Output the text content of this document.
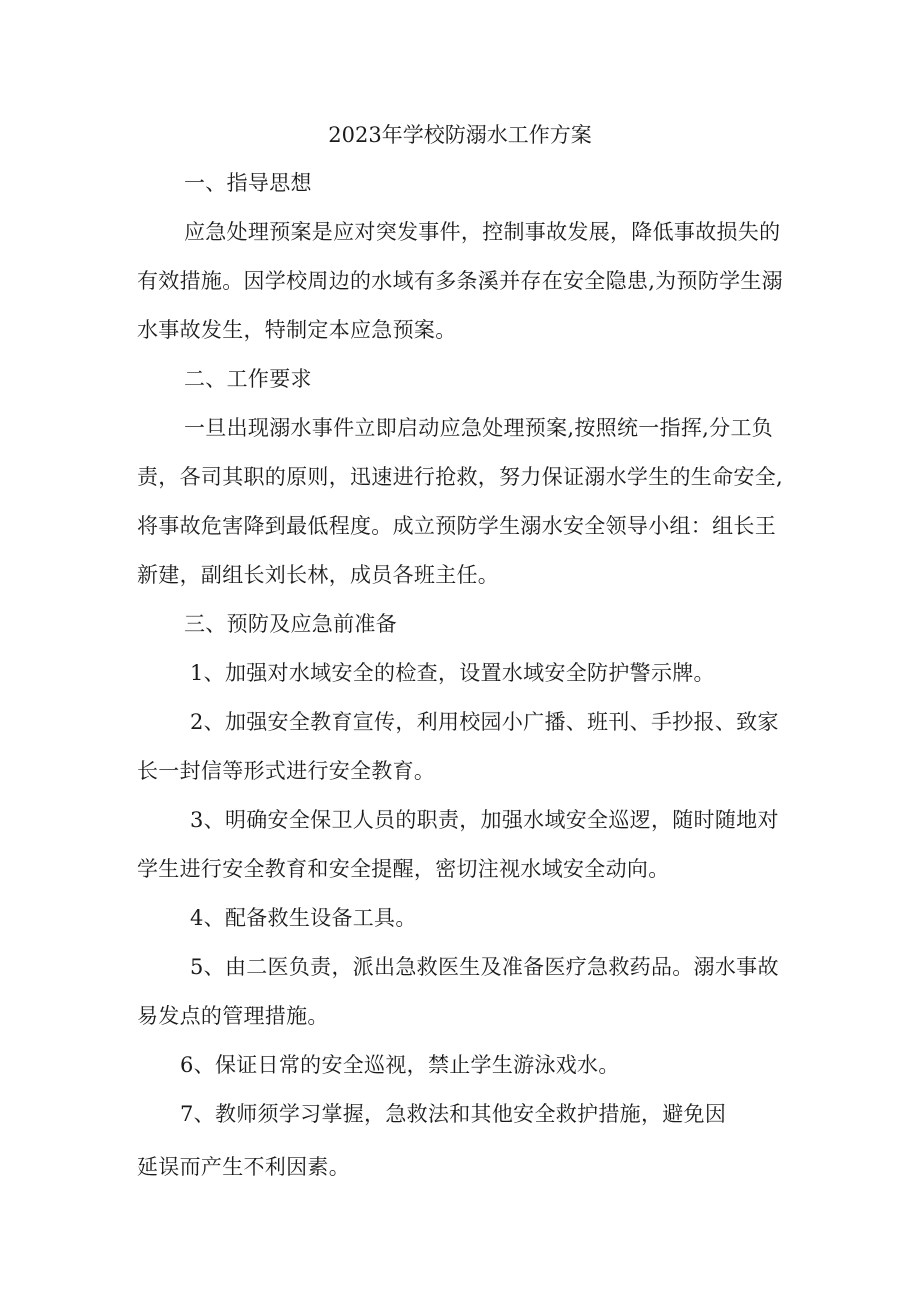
2023年学校防溺水工作方案
一、指导思想
应急处理预案是应对突发事件，控制事故发展，降低事故损失的
有效措施。因学校周边的水域有多条溪并存在安全隐患,为预防学生溺
水事故发生，特制定本应急预案。
二、工作要求
一旦出现溺水事件立即启动应急处理预案,按照统一指挥,分工负
责，各司其职的原则，迅速进行抢救，努力保证溺水学生的生命安全,
将事故危害降到最低程度。成立预防学生溺水安全领导小组：组长王
新建，副组长刘长林，成员各班主任。
三、预防及应急前准备
1、加强对水域安全的检查，设置水域安全防护警示牌。
2、加强安全教育宣传，利用校园小广播、班刊、手抄报、致家
长一封信等形式进行安全教育。
3、明确安全保卫人员的职责，加强水域安全巡逻，随时随地对
学生进行安全教育和安全提醒，密切注视水域安全动向。
4、配备救生设备工具。
5、由二医负责，派出急救医生及准备医疗急救药品。溺水事故
易发点的管理措施。
6、保证日常的安全巡视，禁止学生游泳戏水。
7、教师须学习掌握，急救法和其他安全救护措施，避免因
延误而产生不利因素。
